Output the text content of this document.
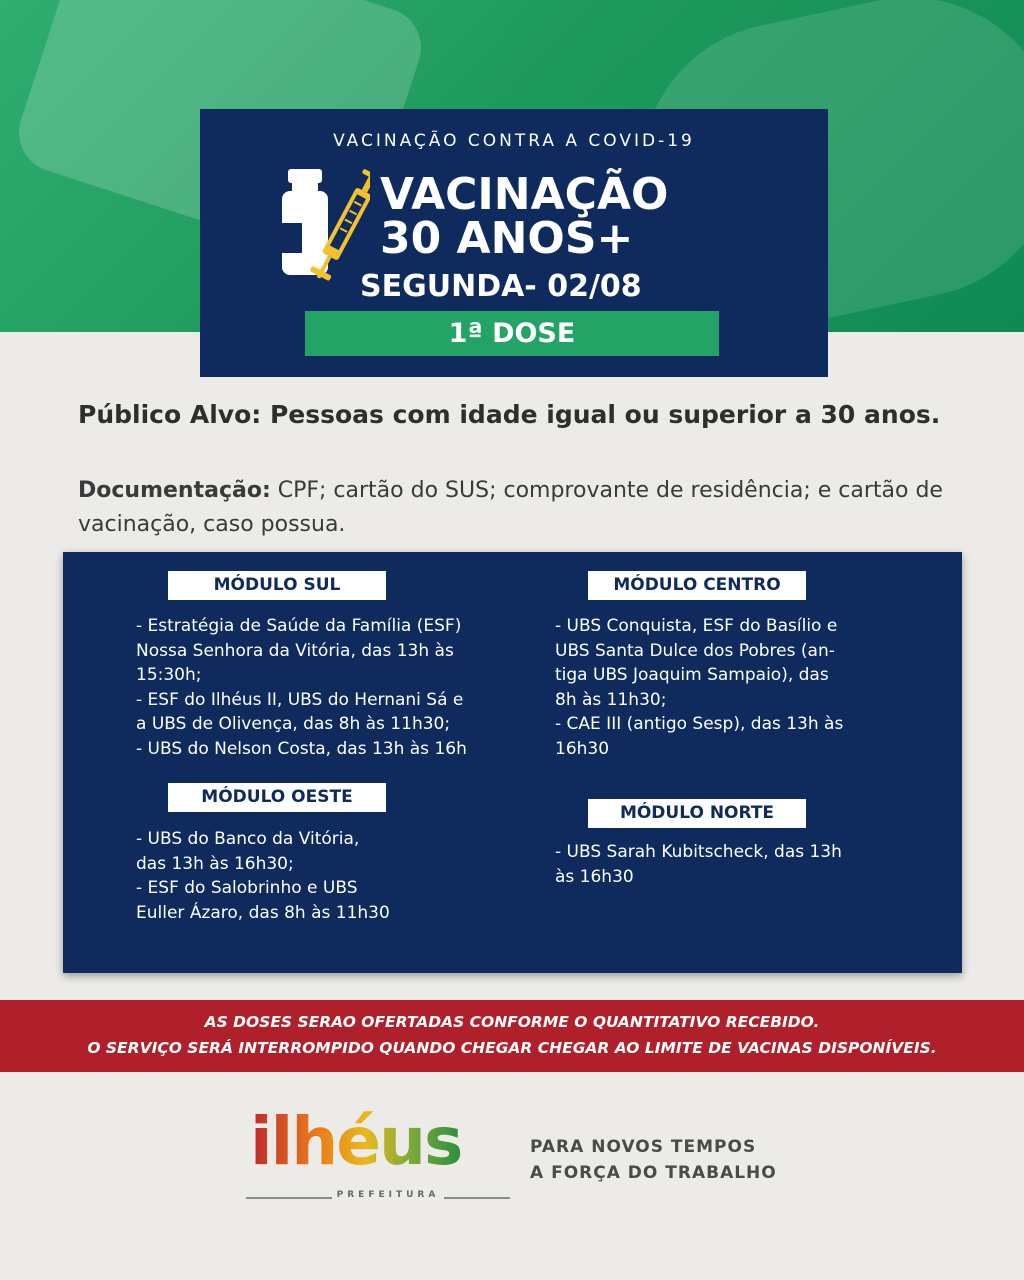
VACINAÇÃO CONTRA A COVID-19
VACINAÇÃO
30 ANOS+
SEGUNDA- 02/08
1ª DOSE
Público Alvo: Pessoas com idade igual ou superior a 30 anos.
Documentação: CPF; cartão do SUS; comprovante de residência; e cartão de vacinação, caso possua.
MÓDULO SUL
- Estratégia de Saúde da Família (ESF)
Nossa Senhora da Vitória, das 13h às
15:30h;
- ESF do Ilhéus II, UBS do Hernani Sá e
a UBS de Olivença, das 8h às 11h30;
- UBS do Nelson Costa, das 13h às 16h
MÓDULO CENTRO
- UBS Conquista, ESF do Basílio e
UBS Santa Dulce dos Pobres (an-
tiga UBS Joaquim Sampaio), das
8h às 11h30;
- CAE III (antigo Sesp), das 13h às
16h30
MÓDULO OESTE
- UBS do Banco da Vitória,
das 13h às 16h30;
- ESF do Salobrinho e UBS
Euller Ázaro, das 8h às 11h30
MÓDULO NORTE
- UBS Sarah Kubitscheck, das 13h
às 16h30
AS DOSES SERAO OFERTADAS CONFORME O QUANTITATIVO RECEBIDO.
O SERVIÇO SERÁ INTERROMPIDO QUANDO CHEGAR CHEGAR AO LIMITE DE VACINAS DISPONÍVEIS.
ilhéus
PREFEITURA
PARA NOVOS TEMPOS
A FORÇA DO TRABALHO
